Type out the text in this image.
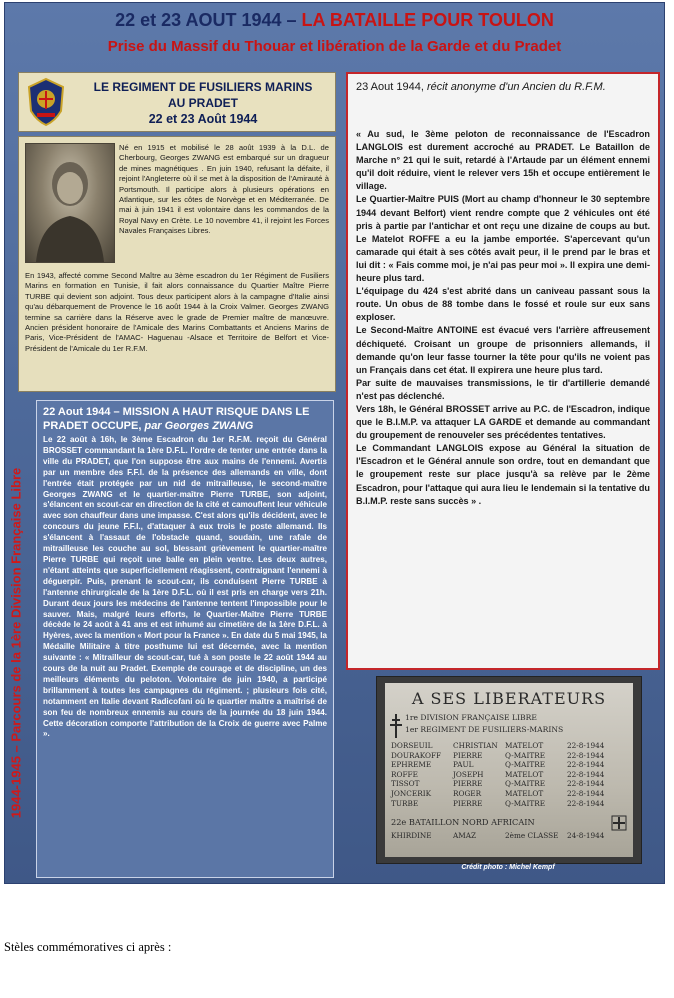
22 et 23 AOUT 1944 – LA BATAILLE POUR TOULON
Prise du Massif du Thouar et libération de la Garde et du Pradet
LE REGIMENT DE FUSILIERS MARINS
AU PRADET
22 et 23 Août 1944
Né en 1915 et mobilisé le 28 août 1939 à la D.L. de Cherbourg, Georges ZWANG est embarqué sur un dragueur de mines magnétiques . En juin 1940, refusant la défaite, il rejoint l'Angleterre où il se met à la disposition de l'Amirauté à Portsmouth. Il participe alors à plusieurs opérations en Atlantique, sur les côtes de Norvège et en Méditerranée. De mai à juin 1941 il est volontaire dans les commandos de la Royal Navy en Crète. Le 10 novembre 41, il rejoint les Forces Navales Françaises Libres.
En 1943, affecté comme Second Maître au 3ème escadron du 1er Régiment de Fusiliers Marins en formation en Tunisie, il fait alors connaissance du Quartier Maître Pierre TURBE qui devient son adjoint. Tous deux participent alors à la campagne d'Italie ainsi qu'au débarquement de Provence le 16 août 1944 à la Croix Valmer. Georges ZWANG termine sa carrière dans la Réserve avec le grade de Premier maître de manœuvre. Ancien président honoraire de l'Amicale des Marins Combattants et Anciens Marins de Paris, Vice-Président de l'AMAC- Haguenau -Alsace et Territoire de Belfort et Vice-Président de l'Amicale du 1er R.F.M.
1944-1945 – Parcours de la 1ère Division Française Libre
22 Aout 1944 – MISSION A HAUT RISQUE DANS LE PRADET OCCUPE, par Georges ZWANG
Le 22 août à 16h, le 3ème Escadron du 1er R.F.M. reçoit du Général BROSSET commandant la 1ère D.F.L. l'ordre de tenter une entrée dans la ville du PRADET, que l'on suppose être aux mains de l'ennemi. Avertis par un membre des F.F.I. de la présence des allemands en ville, dont l'entrée était protégée par un nid de mitrailleuse, le second-maître Georges ZWANG et le quartier-maître Pierre TURBE, son adjoint, s'élancent en scout-car en direction de la cité et camouflent leur véhicule avec son chauffeur dans une impasse. C'est alors qu'ils décident, avec le concours du jeune F.F.I., d'attaquer à eux trois le poste allemand. Ils s'élancent à l'assaut de l'obstacle quand, soudain, une rafale de mitrailleuse les couche au sol, blessant grièvement le quartier-maître Pierre TURBE qui reçoit une balle en plein ventre. Les deux autres, n'étant atteints que superficiellement réagissent, contraignant l'ennemi à déguerpir. Puis, prenant le scout-car, ils conduisent Pierre TURBE à l'antenne chirurgicale de la 1ère D.F.L. où il est pris en charge vers 21h. Durant deux jours les médecins de l'antenne tentent l'impossible pour le sauver. Mais, malgré leurs efforts, le Quartier-Maître Pierre TURBE décède le 24 août à 41 ans et est inhumé au cimetière de la 1ère D.F.L. à Hyères, avec la mention « Mort pour la France ». En date du 5 mai 1945, la Médaille Militaire à titre posthume lui est décernée, avec la mention suivante : « Mitrailleur de scout-car, tué à son poste le 22 août 1944 au cours de la nuit au Pradet. Exemple de courage et de discipline, un des meilleurs éléments du peloton. Volontaire de juin 1940, a participé brillamment à toutes les campagnes du régiment. ; plusieurs fois cité, notamment en Italie devant Radicofani où le quartier maître a maîtrisé de son feu de nombreux ennemis au cours de la journée du 18 juin 1944. Cette décoration comporte l'attribution de la Croix de guerre avec Palme ».
23 Aout 1944, récit anonyme d'un Ancien du R.F.M.
« Au sud, le 3ème peloton de reconnaissance de l'Escadron LANGLOIS est durement accroché au PRADET. Le Bataillon de Marche n° 21 qui le suit, retardé à l'Artaude par un élément ennemi qu'il doit réduire, vient le relever vers 15h et occupe entièrement le village.
Le Quartier-Maître PUIS (Mort au champ d'honneur le 30 septembre 1944 devant Belfort) vient rendre compte que 2 véhicules ont été pris à partie par l'antichar et ont reçu une dizaine de coups au but. Le Matelot ROFFE a eu la jambe emportée. S'apercevant qu'un camarade qui était à ses côtés avait peur, il le prend par le bras et lui dit : « Fais comme moi, je n'ai pas peur moi ». Il expira une demi-heure plus tard.
L'équipage du 424 s'est abrité dans un caniveau passant sous la route. Un obus de 88 tombe dans le fossé et roule sur eux sans exploser.
Le Second-Maître ANTOINE est évacué vers l'arrière affreusement déchiqueté. Croisant un groupe de prisonniers allemands, il demande qu'on leur fasse tourner la tête pour qu'ils ne voient pas un Français dans cet état. Il expirera une heure plus tard.
Par suite de mauvaises transmissions, le tir d'artillerie demandé n'est pas déclenché.
Vers 18h, le Général BROSSET arrive au P.C. de l'Escadron, indique que le B.I.M.P. va attaquer LA GARDE et demande au commandant du groupement de renouveler ses précédentes tentatives.
Le Commandant LANGLOIS expose au Général la situation de l'Escadron et le Général annule son ordre, tout en demandant que le groupement reste sur place jusqu'à sa relève par le 2ème Escadron, pour l'attaque qui aura lieu le lendemain si la tentative du B.I.M.P. reste sans succès » .
A SES LIBERATEURS
1re DIVISION FRANÇAISE LIBRE
1er REGIMENT DE FUSILIERS-MARINS
DORSEUIL	CHRISTIAN MATELOT	22-8-1944
DOURAKOFF	PIERRE	Q-MAITRE	22-8-1944
EPHREME	PAUL	Q-MAITRE	22-8-1944
ROFFE	JOSEPH	MATELOT	22-8-1944
TISSOT	PIERRE	Q-MAITRE	22-8-1944
JONCERIK	ROGER	MATELOT	22-8-1944
TURBE	PIERRE	Q-MAITRE	22-8-1944
22e BATAILLON NORD AFRICAIN
KHIRDINE	AMAZ	2ème CLASSE	24-8-1944
Crédit photo : Michel Kempf
Stèles commémoratives ci après :
